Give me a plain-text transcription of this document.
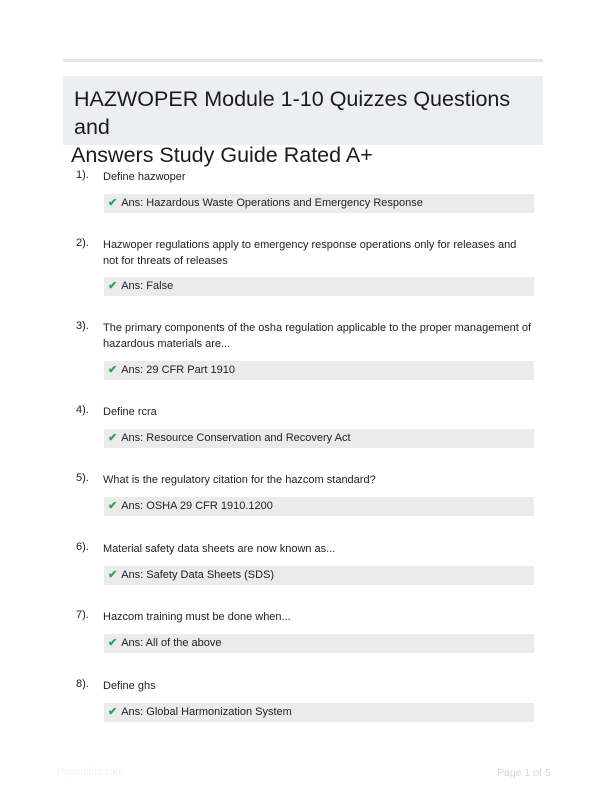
HAZWOPER Module 1-10 Quizzes Questions and
Answers Study Guide Rated A+
1). Define hazwoper
✔ Ans: Hazardous Waste Operations and Emergency Response
2). Hazwoper regulations apply to emergency response operations only for releases and not for threats of releases
✔ Ans: False
3). The primary components of the osha regulation applicable to the proper management of hazardous materials are...
✔ Ans: 29 CFR Part 1910
4). Define rcra
✔ Ans: Resource Conservation and Recovery Act
5). What is the regulatory citation for the hazcom standard?
✔ Ans: OSHA 29 CFR 1910.1200
6). Material safety data sheets are now known as...
✔ Ans: Safety Data Sheets (SDS)
7). Hazcom training must be done when...
✔ Ans: All of the above
8). Define ghs
✔ Ans: Global Harmonization System
Papersbio.com	Page 1 of 5
